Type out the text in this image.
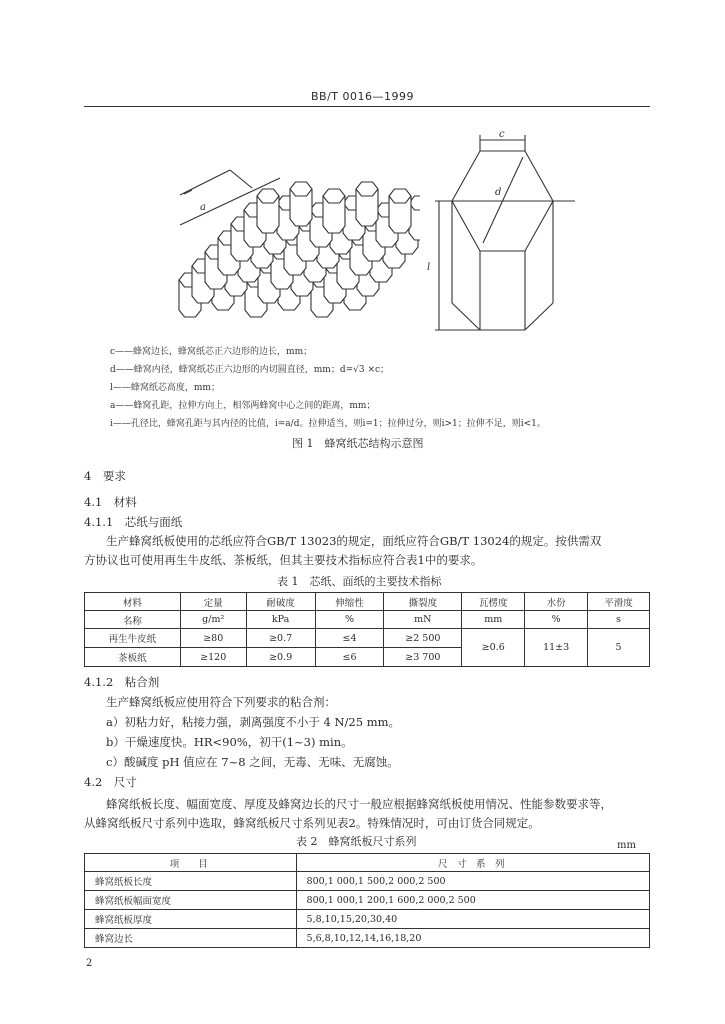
BB/T 0016—1999
a
c
d
l
c——蜂窝边长，蜂窝纸芯正六边形的边长，mm；
d——蜂窝内径，蜂窝纸芯正六边形的内切圆直径，mm；d=√3 ×c；
l——蜂窝纸芯高度，mm；
a——蜂窝孔距，拉伸方向上，相邻两蜂窝中心之间的距离，mm；
i——孔径比，蜂窝孔距与其内径的比值，i=a/d。拉伸适当，则i=1；拉伸过分，则i>1；拉伸不足，则i<1。
图 1　蜂窝纸芯结构示意图
4　要求
4.1　材料
4.1.1　芯纸与面纸
生产蜂窝纸板使用的芯纸应符合GB/T 13023的规定，面纸应符合GB/T 13024的规定。按供需双
方协议也可使用再生牛皮纸、茶板纸，但其主要技术指标应符合表1中的要求。
表 1　芯纸、面纸的主要技术指标
材料	定量	耐破度	伸缩性	撕裂度	瓦楞度	水份	平滑度
名称	g/m²	kPa	%	mN	mm	%	s
再生牛皮纸	≥80	≥0.7	≤4	≥2 500	≥0.6	11±3	5
茶板纸	≥120	≥0.9	≤6	≥3 700			
4.1.2　粘合剂
生产蜂窝纸板应使用符合下列要求的粘合剂：
a）初粘力好，粘接力强，剥离强度不小于 4 N/25 mm。
b）干燥速度快。HR<90%，初干(1~3) min。
c）酸碱度 pH 值应在 7~8 之间，无毒、无味、无腐蚀。
4.2　尺寸
蜂窝纸板长度、幅面宽度、厚度及蜂窝边长的尺寸一般应根据蜂窝纸板使用情况、性能参数要求等，
从蜂窝纸板尺寸系列中选取，蜂窝纸板尺寸系列见表2。特殊情况时，可由订货合同规定。
表 2　蜂窝纸板尺寸系列	mm
项　　目	尺　寸　系　列
蜂窝纸板长度	800,1 000,1 500,2 000,2 500
蜂窝纸板幅面宽度	800,1 000,1 200,1 600,2 000,2 500
蜂窝纸板厚度	5,8,10,15,20,30,40
蜂窝边长	5,6,8,10,12,14,16,18,20
2
